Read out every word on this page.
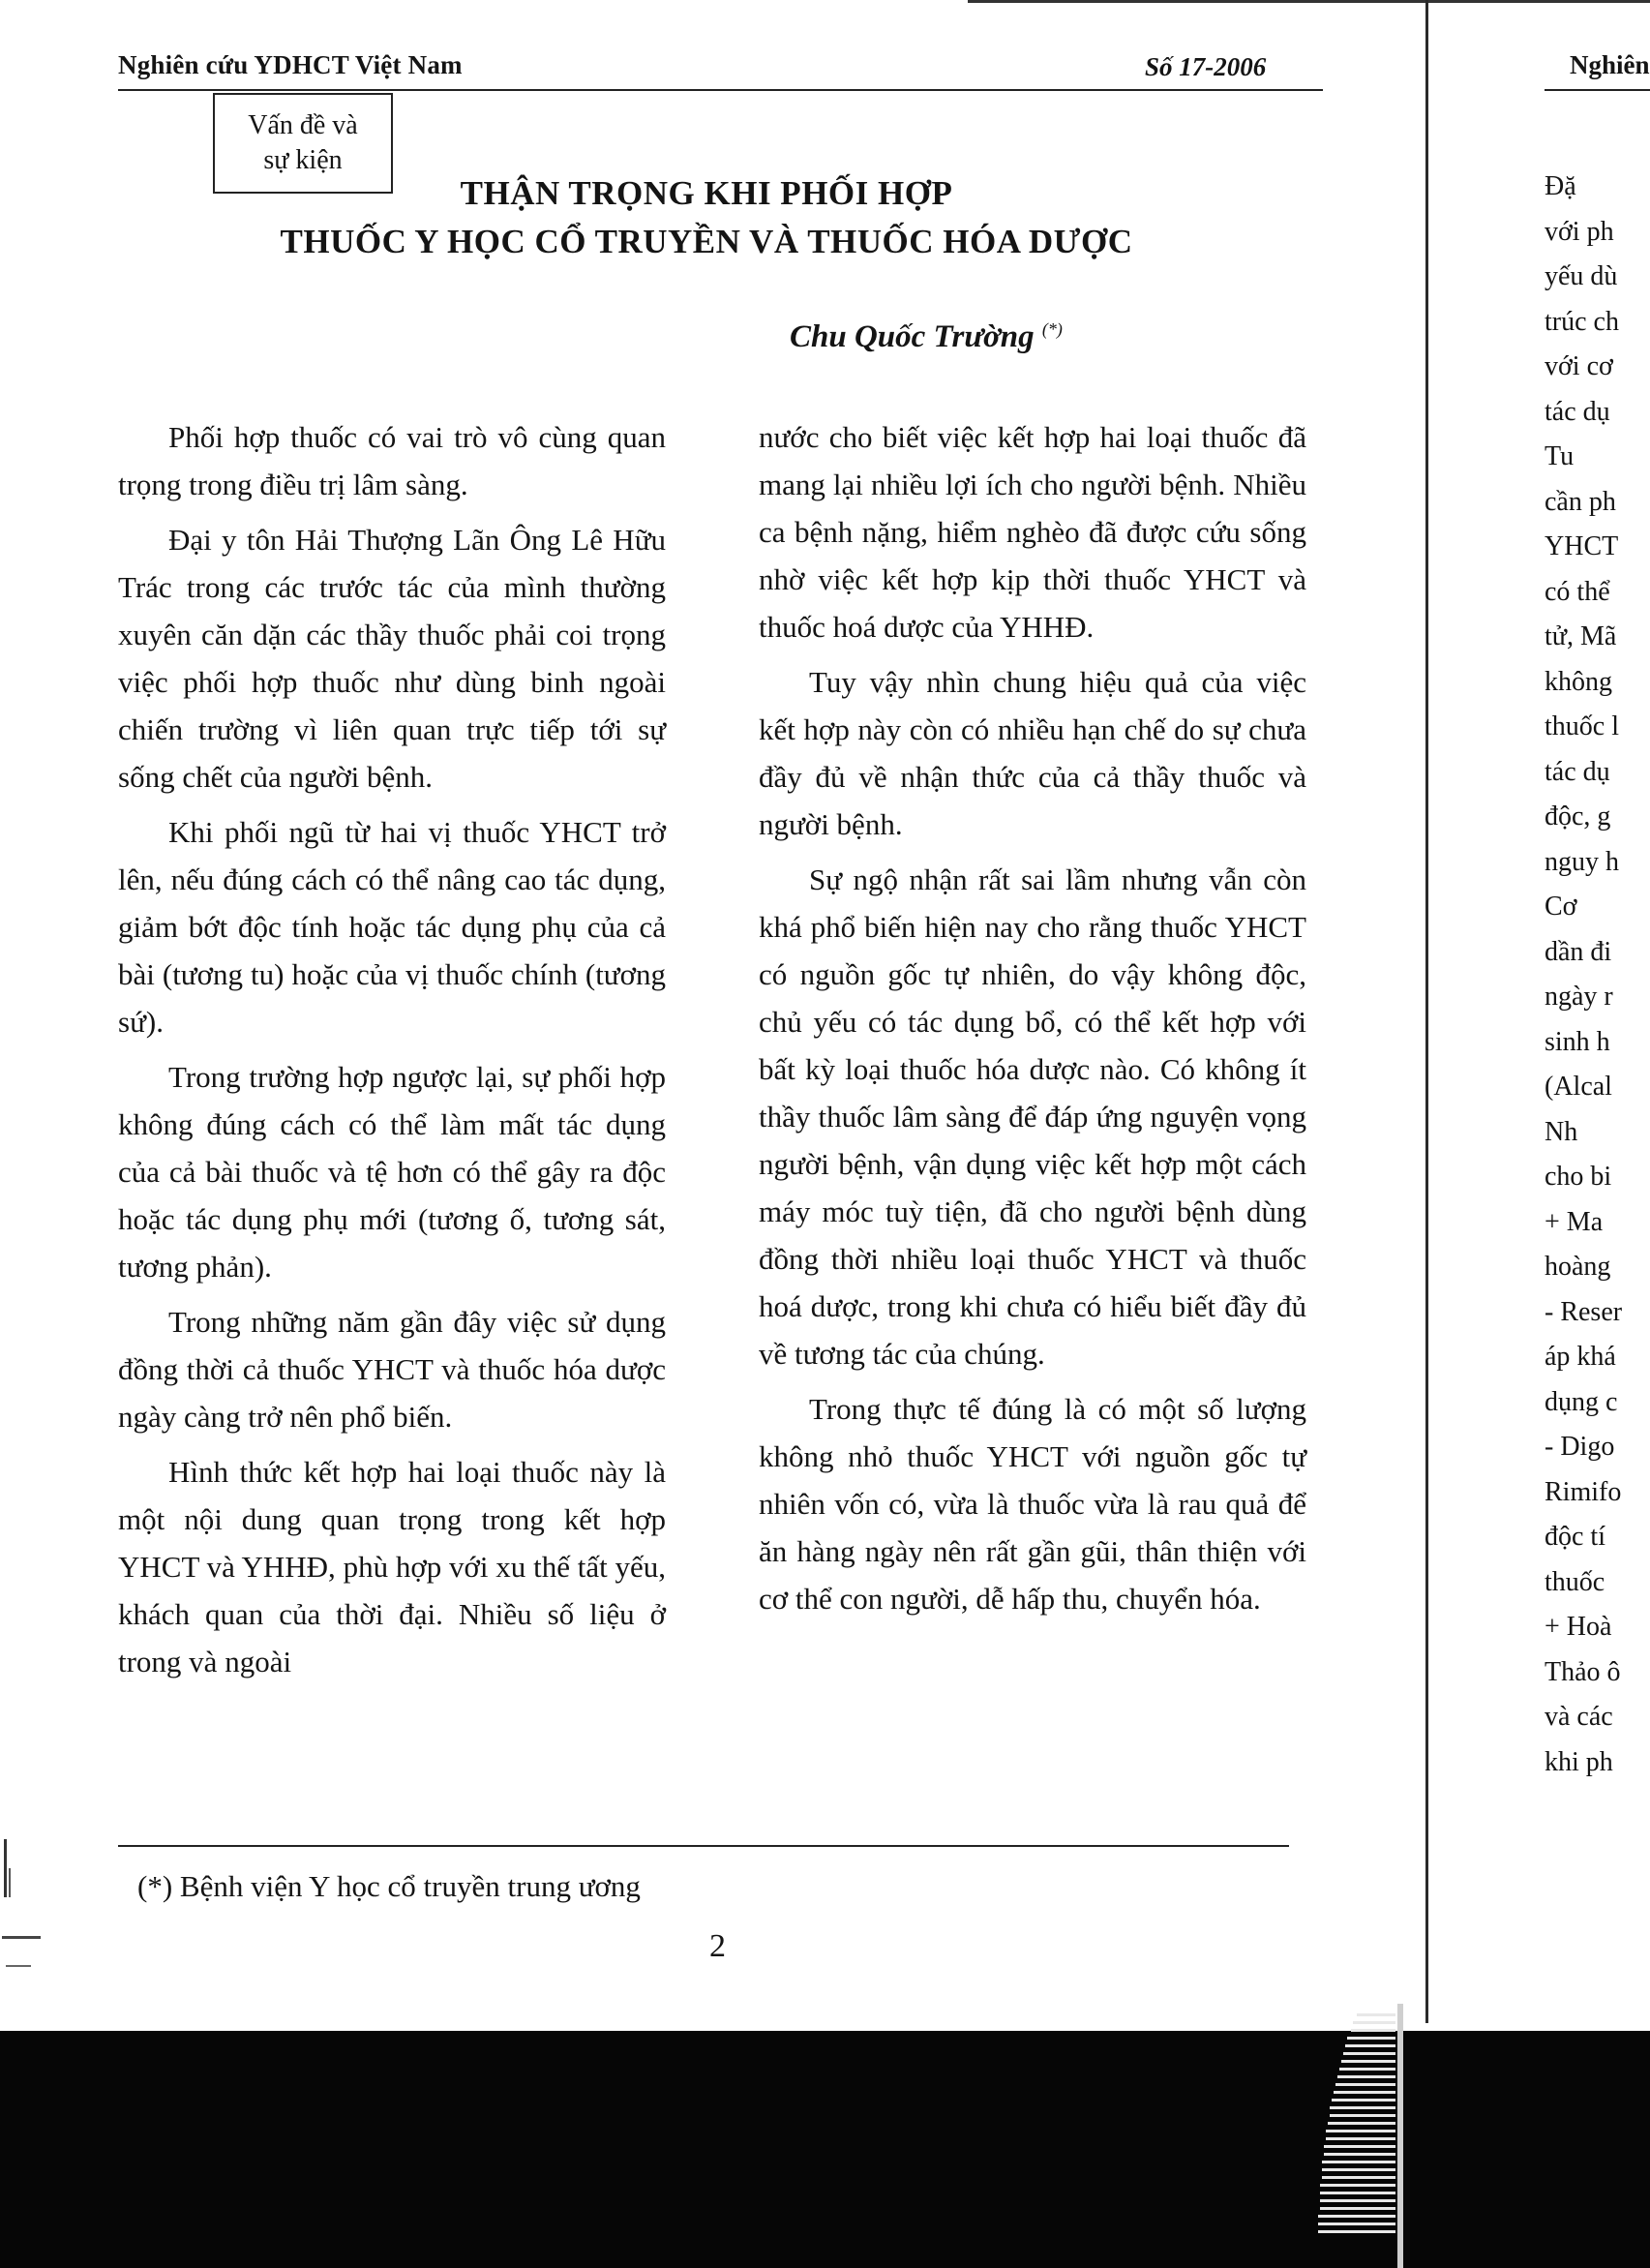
Nghiên cứu YDHCT Việt Nam	Số 17-2006	Nghiên
Vấn đề và
sự kiện
THẬN TRỌNG KHI PHỐI HỢP
THUỐC Y HỌC CỔ TRUYỀN VÀ THUỐC HÓA DƯỢC
Chu Quốc Trường (*)

Phối hợp thuốc có vai trò vô cùng quan trọng trong điều trị lâm sàng.

Đại y tôn Hải Thượng Lãn Ông Lê Hữu Trác trong các trước tác của mình thường xuyên căn dặn các thầy thuốc phải coi trọng việc phối hợp thuốc như dùng binh ngoài chiến trường vì liên quan trực tiếp tới sự sống chết của người bệnh.

Khi phối ngũ từ hai vị thuốc YHCT trở lên, nếu đúng cách có thể nâng cao tác dụng, giảm bớt độc tính hoặc tác dụng phụ của cả bài (tương tu) hoặc của vị thuốc chính (tương sứ).

Trong trường hợp ngược lại, sự phối hợp không đúng cách có thể làm mất tác dụng của cả bài thuốc và tệ hơn có thể gây ra độc hoặc tác dụng phụ mới (tương ố, tương sát, tương phản).

Trong những năm gần đây việc sử dụng đồng thời cả thuốc YHCT và thuốc hóa dược ngày càng trở nên phổ biến.

Hình thức kết hợp hai loại thuốc này là một nội dung quan trọng trong kết hợp YHCT và YHHĐ, phù hợp với xu thế tất yếu, khách quan của thời đại. Nhiều số liệu ở trong và ngoài

nước cho biết việc kết hợp hai loại thuốc đã mang lại nhiều lợi ích cho người bệnh. Nhiều ca bệnh nặng, hiểm nghèo đã được cứu sống nhờ việc kết hợp kịp thời thuốc YHCT và thuốc hoá dược của YHHĐ.

Tuy vậy nhìn chung hiệu quả của việc kết hợp này còn có nhiều hạn chế do sự chưa đầy đủ về nhận thức của cả thầy thuốc và người bệnh.

Sự ngộ nhận rất sai lầm nhưng vẫn còn khá phổ biến hiện nay cho rằng thuốc YHCT có nguồn gốc tự nhiên, do vậy không độc, chủ yếu có tác dụng bổ, có thể kết hợp với bất kỳ loại thuốc hóa dược nào. Có không ít thầy thuốc lâm sàng để đáp ứng nguyện vọng người bệnh, vận dụng việc kết hợp một cách máy móc tuỳ tiện, đã cho người bệnh dùng đồng thời nhiều loại thuốc YHCT và thuốc hoá dược, trong khi chưa có hiểu biết đầy đủ về tương tác của chúng.

Trong thực tế đúng là có một số lượng không nhỏ thuốc YHCT với nguồn gốc tự nhiên vốn có, vừa là thuốc vừa là rau quả để ăn hàng ngày nên rất gần gũi, thân thiện với cơ thể con người, dễ hấp thu, chuyển hóa.

(*) Bệnh viện Y học cổ truyền trung ương
2
Đặ
với ph
yếu dù
trúc ch
với cơ
tác dụ
Tu
cần ph
YHCT
có thể
tử, Mã
không
thuốc l
tác dụ
độc, g
nguy h
Cơ
dần đi
ngày r
sinh h
(Alcal
Nh
cho bi
+ Ma
hoàng
- Reser
áp khá
dụng c
- Digo
Rimifo
độc tí
thuốc
+ Hoà
Thảo ô
và các
khi ph
